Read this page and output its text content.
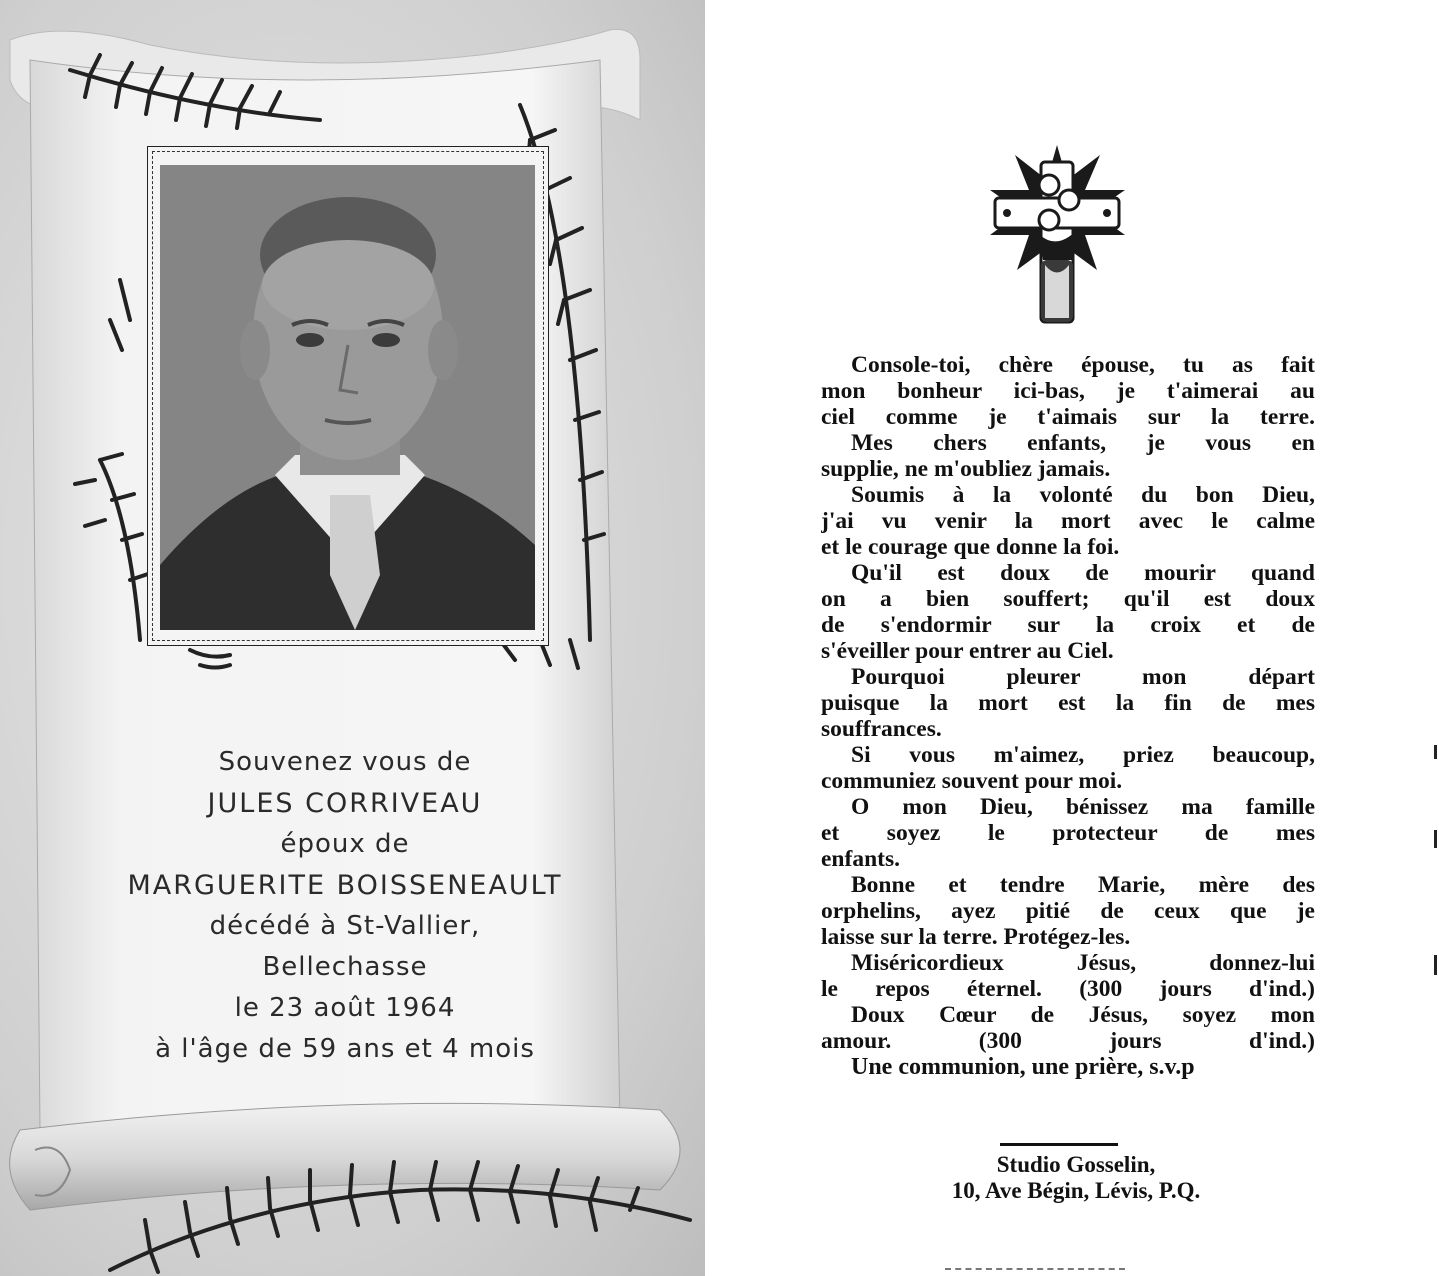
Souvenez vous de
JULES CORRIVEAU
époux de
MARGUERITE BOISSENEAULT
décédé à St-Vallier,
Bellechasse
le 23 août 1964
à l'âge de 59 ans et 4 mois
Console-toi, chère épouse, tu as fait
mon bonheur ici-bas, je t'aimerai au
ciel comme je t'aimais sur la terre.
Mes chers enfants, je vous en
supplie, ne m'oubliez jamais.
Soumis à la volonté du bon Dieu,
j'ai vu venir la mort avec le calme
et le courage que donne la foi.
Qu'il est doux de mourir quand
on a bien souffert; qu'il est doux
de s'endormir sur la croix et de
s'éveiller pour entrer au Ciel.
Pourquoi pleurer mon départ
puisque la mort est la fin de mes
souffrances.
Si vous m'aimez, priez beaucoup,
communiez souvent pour moi.
O mon Dieu, bénissez ma famille
et soyez le protecteur de mes
enfants.
Bonne et tendre Marie, mère des
orphelins, ayez pitié de ceux que je
laisse sur la terre. Protégez-les.
Miséricordieux Jésus, donnez-lui
le repos éternel. (300 jours d'ind.)
Doux Cœur de Jésus, soyez mon
amour. (300 jours d'ind.)
Une communion, une prière, s.v.p
Studio Gosselin,
10, Ave Bégin, Lévis, P.Q.
